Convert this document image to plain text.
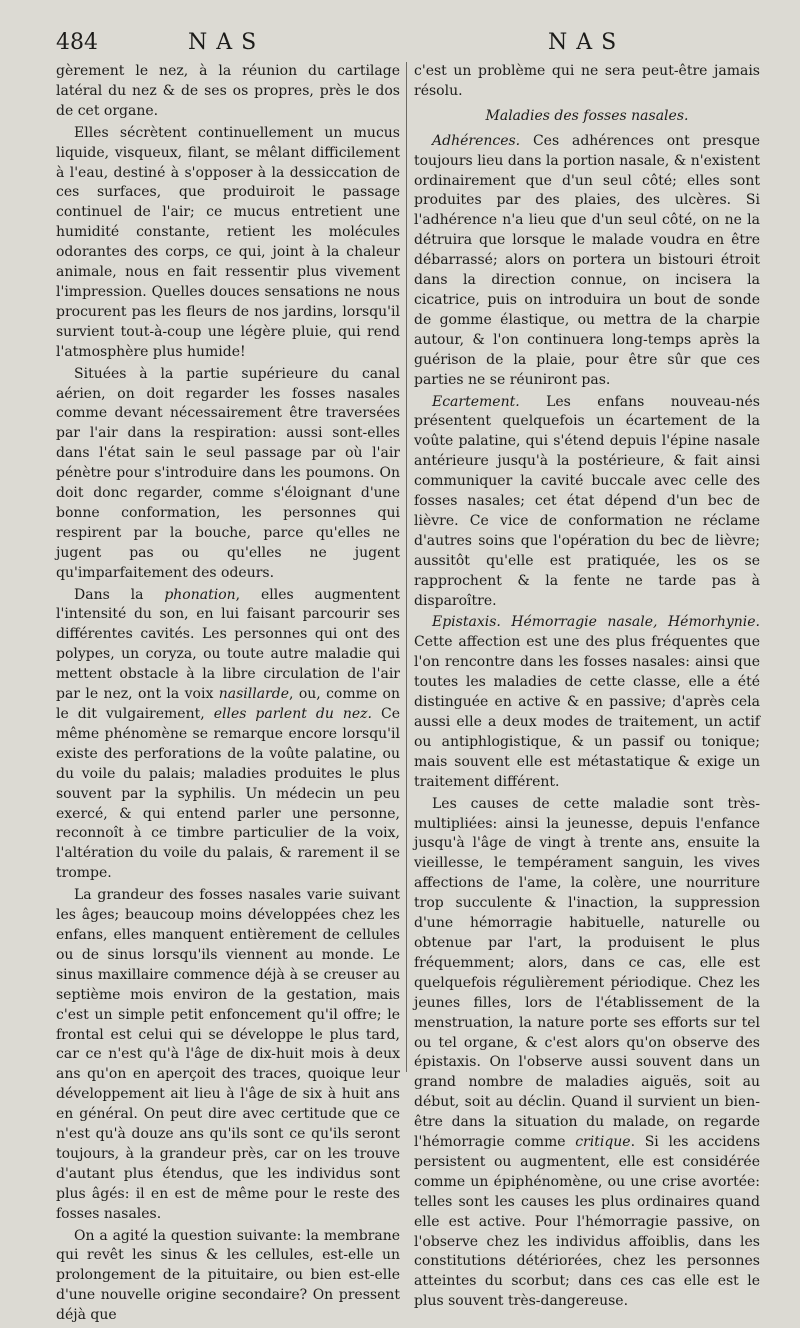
484	NAS	NAS

gèrement le nez, à la réunion du cartilage latéral du nez & de ses os propres, près le dos de cet organe.

Elles sécrètent continuellement un mucus liquide, visqueux, filant, se mêlant difficilement à l'eau, destiné à s'opposer à la dessiccation de ces surfaces, que produiroit le passage continuel de l'air; ce mucus entretient une humidité constante, retient les molécules odorantes des corps, ce qui, joint à la chaleur animale, nous en fait ressentir plus vivement l'impression. Quelles douces sensations ne nous procurent pas les fleurs de nos jardins, lorsqu'il survient tout-à-coup une légère pluie, qui rend l'atmosphère plus humide!

Situées à la partie supérieure du canal aérien, on doit regarder les fosses nasales comme devant nécessairement être traversées par l'air dans la respiration: aussi sont-elles dans l'état sain le seul passage par où l'air pénètre pour s'introduire dans les poumons. On doit donc regarder, comme s'éloignant d'une bonne conformation, les personnes qui respirent par la bouche, parce qu'elles ne jugent pas ou qu'elles ne jugent qu'imparfaitement des odeurs.

Dans la phonation, elles augmentent l'intensité du son, en lui faisant parcourir ses différentes cavités. Les personnes qui ont des polypes, un coryza, ou toute autre maladie qui mettent obstacle à la libre circulation de l'air par le nez, ont la voix nasillarde, ou, comme on le dit vulgairement, elles parlent du nez. Ce même phénomène se remarque encore lorsqu'il existe des perforations de la voûte palatine, ou du voile du palais; maladies produites le plus souvent par la syphilis. Un médecin un peu exercé, & qui entend parler une personne, reconnoît à ce timbre particulier de la voix, l'altération du voile du palais, & rarement il se trompe.

La grandeur des fosses nasales varie suivant les âges; beaucoup moins développées chez les enfans, elles manquent entièrement de cellules ou de sinus lorsqu'ils viennent au monde. Le sinus maxillaire commence déjà à se creuser au septième mois environ de la gestation, mais c'est un simple petit enfoncement qu'il offre; le frontal est celui qui se développe le plus tard, car ce n'est qu'à l'âge de dix-huit mois à deux ans qu'on en aperçoit des traces, quoique leur développement ait lieu à l'âge de six à huit ans en général. On peut dire avec certitude que ce n'est qu'à douze ans qu'ils sont ce qu'ils seront toujours, à la grandeur près, car on les trouve d'autant plus étendus, que les individus sont plus âgés: il en est de même pour le reste des fosses nasales.

On a agité la question suivante: la membrane qui revêt les sinus & les cellules, est-elle un prolongement de la pituitaire, ou bien est-elle d'une nouvelle origine secondaire? On pressent déjà que

c'est un problème qui ne sera peut-être jamais résolu.

Maladies des fosses nasales.

Adhérences. Ces adhérences ont presque toujours lieu dans la portion nasale, & n'existent ordinairement que d'un seul côté; elles sont produites par des plaies, des ulcères. Si l'adhérence n'a lieu que d'un seul côté, on ne la détruira que lorsque le malade voudra en être débarrassé; alors on portera un bistouri étroit dans la direction connue, on incisera la cicatrice, puis on introduira un bout de sonde de gomme élastique, ou mettra de la charpie autour, & l'on continuera long-temps après la guérison de la plaie, pour être sûr que ces parties ne se réuniront pas.

Ecartement. Les enfans nouveau-nés présentent quelquefois un écartement de la voûte palatine, qui s'étend depuis l'épine nasale antérieure jusqu'à la postérieure, & fait ainsi communiquer la cavité buccale avec celle des fosses nasales; cet état dépend d'un bec de lièvre. Ce vice de conformation ne réclame d'autres soins que l'opération du bec de lièvre; aussitôt qu'elle est pratiquée, les os se rapprochent & la fente ne tarde pas à disparoître.

Epistaxis. Hémorragie nasale, Hémorhynie. Cette affection est une des plus fréquentes que l'on rencontre dans les fosses nasales: ainsi que toutes les maladies de cette classe, elle a été distinguée en active & en passive; d'après cela aussi elle a deux modes de traitement, un actif ou antiphlogistique, & un passif ou tonique; mais souvent elle est métastatique & exige un traitement différent.

Les causes de cette maladie sont très-multipliées: ainsi la jeunesse, depuis l'enfance jusqu'à l'âge de vingt à trente ans, ensuite la vieillesse, le tempérament sanguin, les vives affections de l'ame, la colère, une nourriture trop succulente & l'inaction, la suppression d'une hémorragie habituelle, naturelle ou obtenue par l'art, la produisent le plus fréquemment; alors, dans ce cas, elle est quelquefois régulièrement périodique. Chez les jeunes filles, lors de l'établissement de la menstruation, la nature porte ses efforts sur tel ou tel organe, & c'est alors qu'on observe des épistaxis. On l'observe aussi souvent dans un grand nombre de maladies aiguës, soit au début, soit au déclin. Quand il survient un bien-être dans la situation du malade, on regarde l'hémorragie comme critique. Si les accidens persistent ou augmentent, elle est considérée comme un épiphénomène, ou une crise avortée: telles sont les causes les plus ordinaires quand elle est active. Pour l'hémorragie passive, on l'observe chez les individus affoiblis, dans les constitutions détériorées, chez les personnes atteintes du scorbut; dans ces cas elle est le plus souvent très-dangereuse.
